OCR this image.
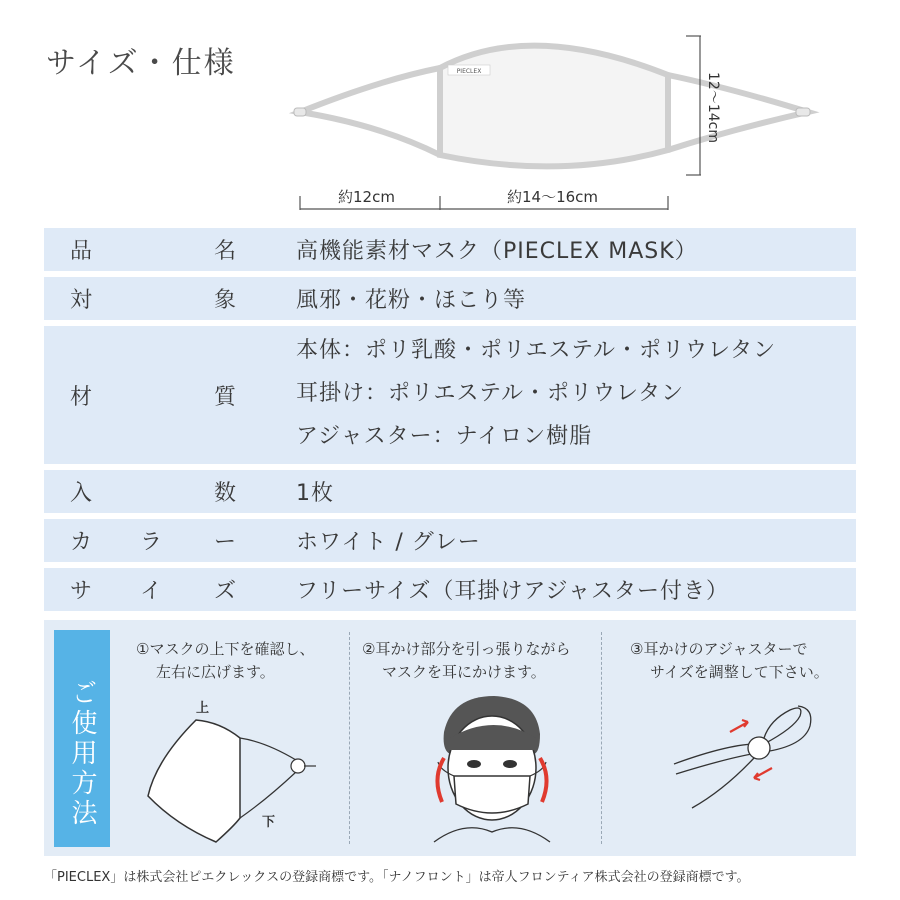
サイズ・仕様	PIECLEX
約12cm	約14〜16cm
12〜14cm
品	名	高機能素材マスク（PIECLEX MASK）
対	象	風邪・花粉・ほこり等
材	質
本体：ポリ乳酸・ポリエステル・ポリウレタン
耳掛け：ポリエステル・ポリウレタン
アジャスター：ナイロン樹脂
入	数	1枚
カ ラ ー	ホワイト / グレー
サ イ ズ	フリーサイズ（耳掛けアジャスター付き）
ご使用方法
①マスクの上下を確認し、
左右に広げます。
上
下
②耳かけ部分を引っ張りながら
マスクを耳にかけます。
③耳かけのアジャスターで
サイズを調整して下さい。
「PIECLEX」は株式会社ピエクレックスの登録商標です。「ナノフロント」は帝人フロンティア株式会社の登録商標です。
